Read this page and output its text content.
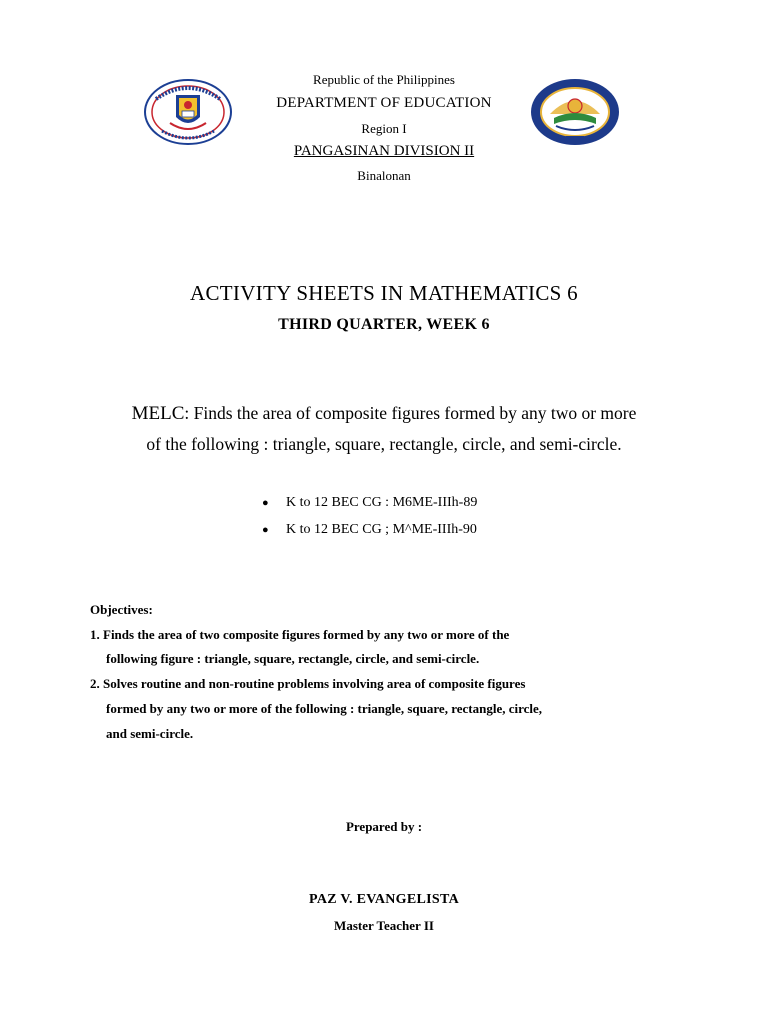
Republic of the Philippines
DEPARTMENT OF EDUCATION
Region I
PANGASINAN DIVISION II
Binalonan
ACTIVITY SHEETS IN MATHEMATICS 6
THIRD QUARTER, WEEK 6
MELC: Finds the area of composite figures formed by any two or more
of the following : triangle, square, rectangle, circle, and semi-circle.
●	K to 12 BEC CG : M6ME-IIIh-89
●	K to 12 BEC CG ; M^ME-IIIh-90
Objectives:
1. Finds the area of two composite figures formed by any two or more of the
following figure : triangle, square, rectangle, circle, and semi-circle.
2. Solves routine and non-routine problems involving area of composite figures
formed by any two or more of the following : triangle, square, rectangle, circle,
and semi-circle.
Prepared by :
PAZ V. EVANGELISTA
Master Teacher II
